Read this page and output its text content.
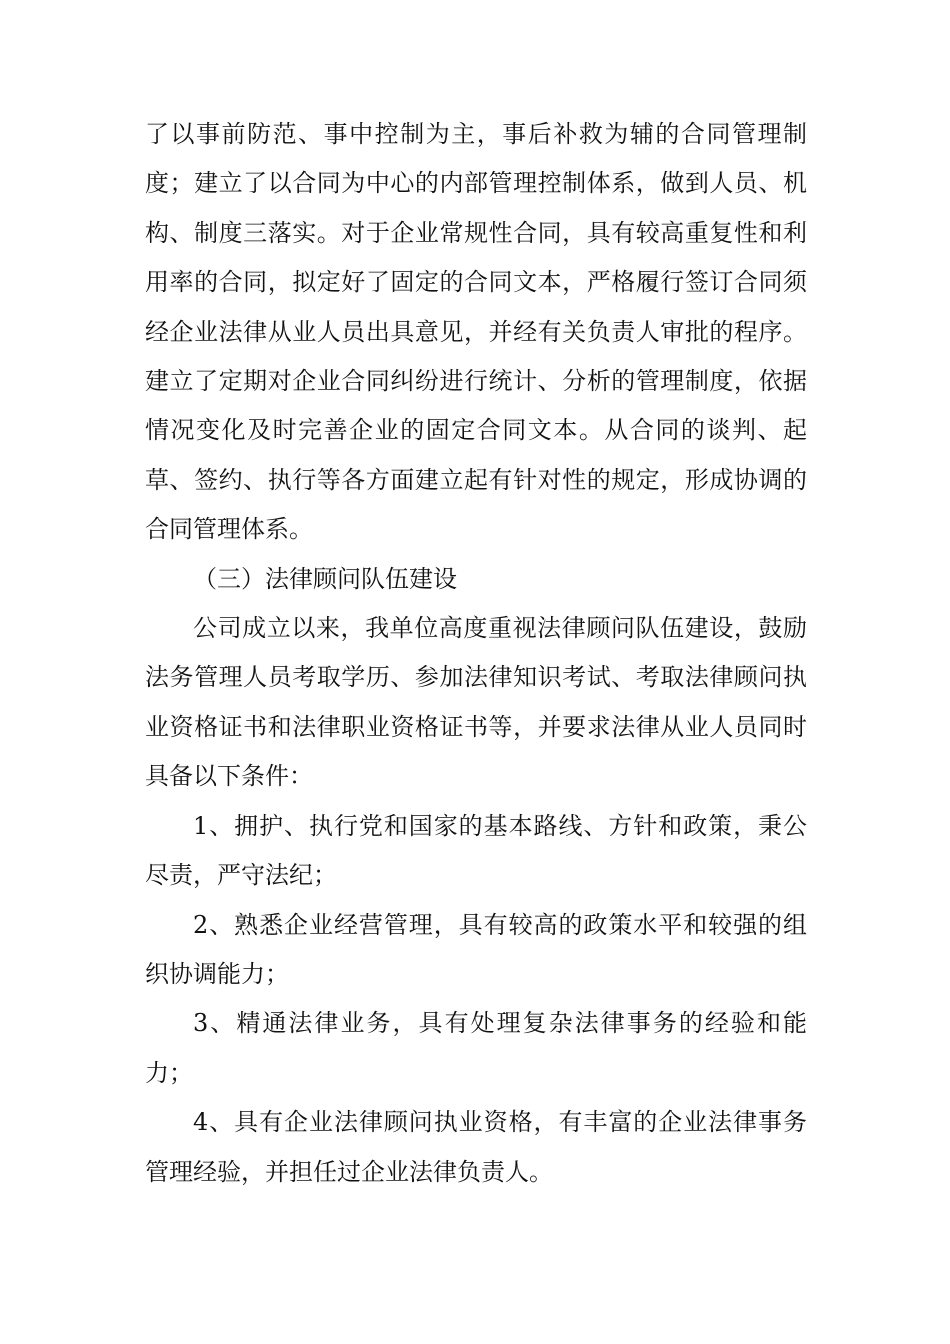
了以事前防范、事中控制为主，事后补救为辅的合同管理制度；建立了以合同为中心的内部管理控制体系，做到人员、机构、制度三落实。对于企业常规性合同，具有较高重复性和利用率的合同，拟定好了固定的合同文本，严格履行签订合同须经企业法律从业人员出具意见，并经有关负责人审批的程序。建立了定期对企业合同纠纷进行统计、分析的管理制度，依据情况变化及时完善企业的固定合同文本。从合同的谈判、起草、签约、执行等各方面建立起有针对性的规定，形成协调的合同管理体系。

（三）法律顾问队伍建设

公司成立以来，我单位高度重视法律顾问队伍建设，鼓励法务管理人员考取学历、参加法律知识考试、考取法律顾问执业资格证书和法律职业资格证书等，并要求法律从业人员同时具备以下条件：

1、拥护、执行党和国家的基本路线、方针和政策，秉公尽责，严守法纪；

2、熟悉企业经营管理，具有较高的政策水平和较强的组织协调能力；

3、精通法律业务，具有处理复杂法律事务的经验和能力；

4、具有企业法律顾问执业资格，有丰富的企业法律事务管理经验，并担任过企业法律负责人。
